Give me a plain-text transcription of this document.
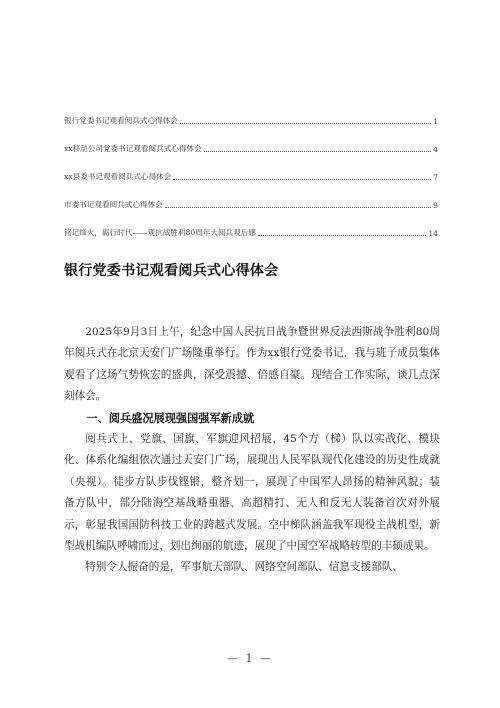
银行党委书记观看阅兵式心得体会	1
xx移动公司党委书记观看阅兵式心得体会	4
xx县委书记观看阅兵式心得体会	7
市委书记观看阅兵式心得体会	9
铭记烽火，砺行时代——观抗战胜利80周年大阅兵观后感	14
银行党委书记观看阅兵式心得体会

2025年9月3日上午，纪念中国人民抗日战争暨世界反法西斯战争胜利80周年阅兵式在北京天安门广场隆重举行。作为xx银行党委书记，我与班子成员集体观看了这场气势恢宏的盛典，深受震撼、倍感自豪。现结合工作实际，谈几点深刻体会。

一、阅兵盛况展现强国强军新成就

阅兵式上，党旗、国旗、军旗迎风招展，45个方（梯）队以实战化、模块化、体系化编组依次通过天安门广场，展现出人民军队现代化建设的历史性成就（央视）。徒步方队步伐铿锵，整齐划一，展现了中国军人昂扬的精神风貌；装备方队中，部分陆海空基战略重器、高超精打、无人和反无人装备首次对外展示，彰显我国国防科技工业的跨越式发展。空中梯队涵盖我军现役主战机型，新型战机编队呼啸而过，划出绚丽的航迹，展现了中国空军战略转型的丰硕成果。

特别令人振奋的是，军事航天部队、网络空间部队、信息支援部队、

— 1 —
